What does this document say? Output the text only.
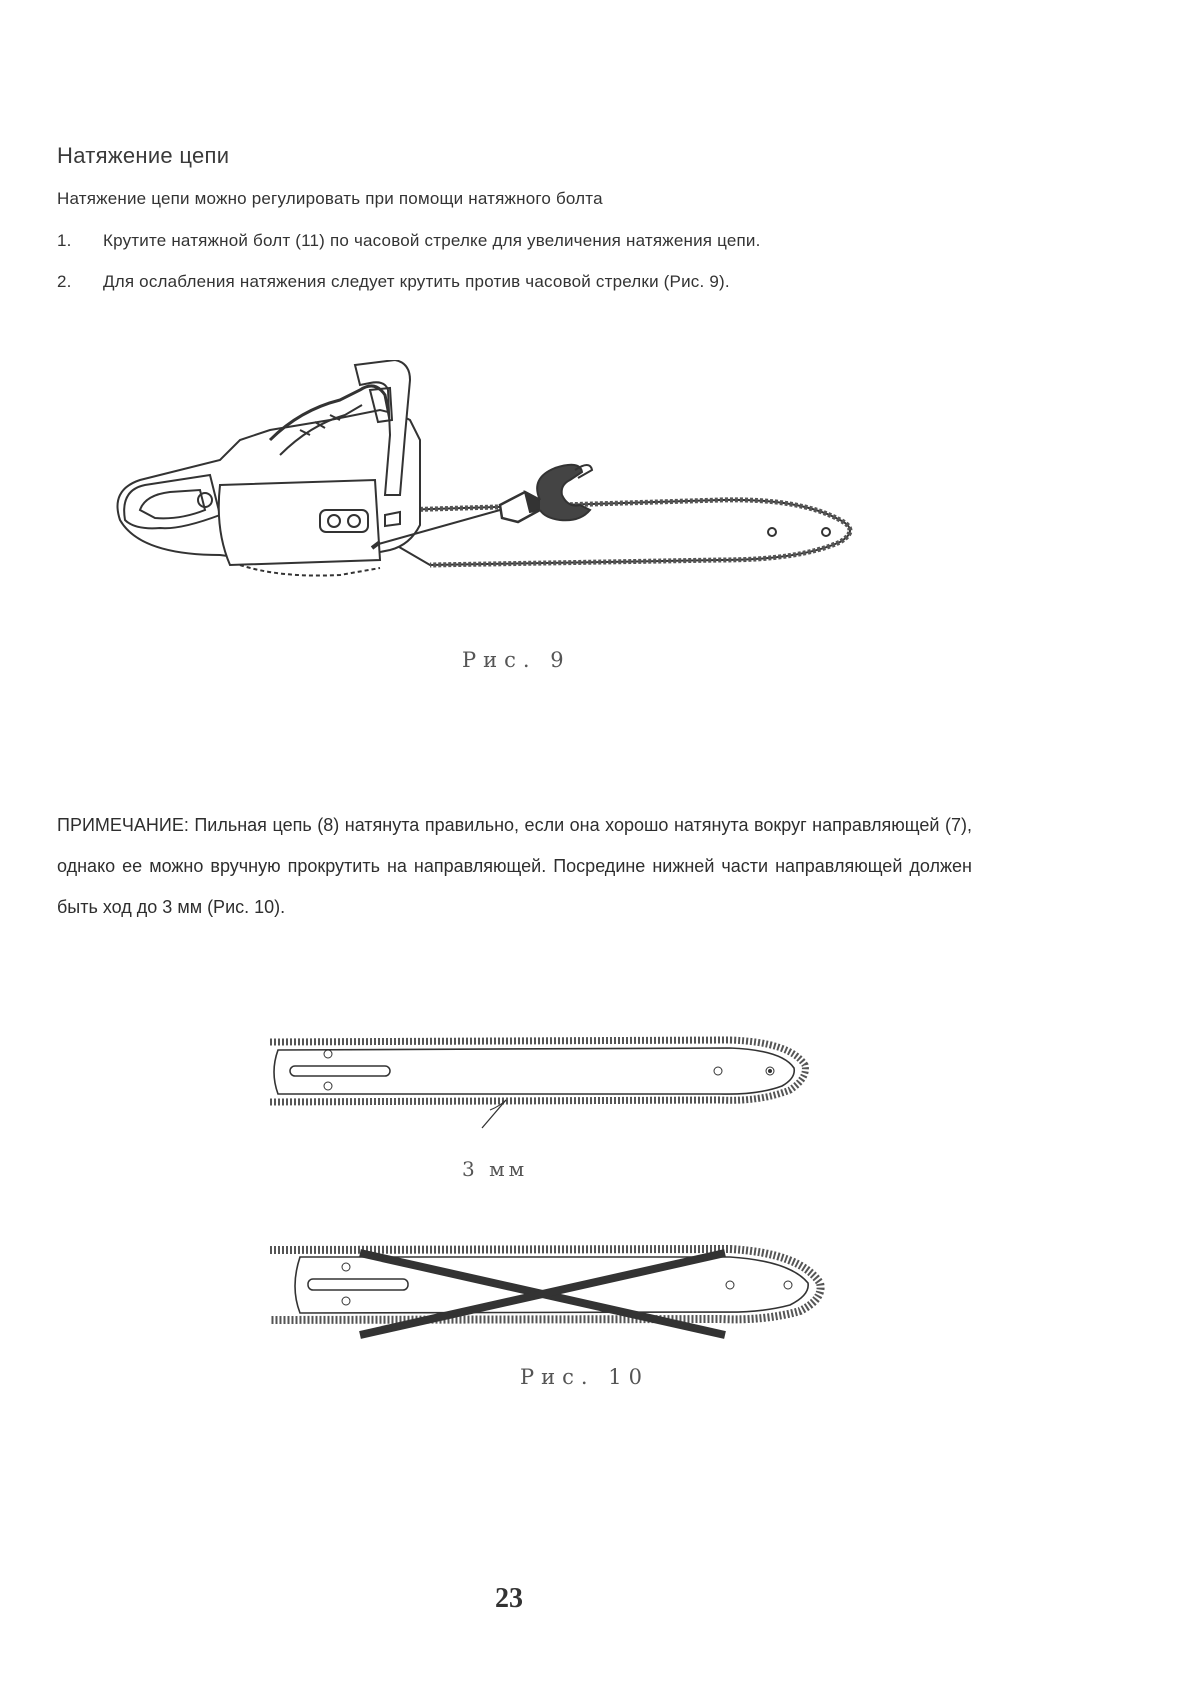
Натяжение цепи
Натяжение цепи можно регулировать при помощи натяжного болта
1. Крутите натяжной болт (11) по часовой стрелке для увеличения натяжения цепи.
2. Для ослабления натяжения следует крутить против часовой стрелки (Рис. 9).
Рис. 9

ПРИМЕЧАНИЕ: Пильная цепь (8) натянута правильно, если она хорошо натянута вокруг направляющей (7), однако ее можно вручную прокрутить на направляющей. Посредине нижней части направляющей должен быть ход до 3 мм (Рис. 10).

3 мм
Рис. 10
23
